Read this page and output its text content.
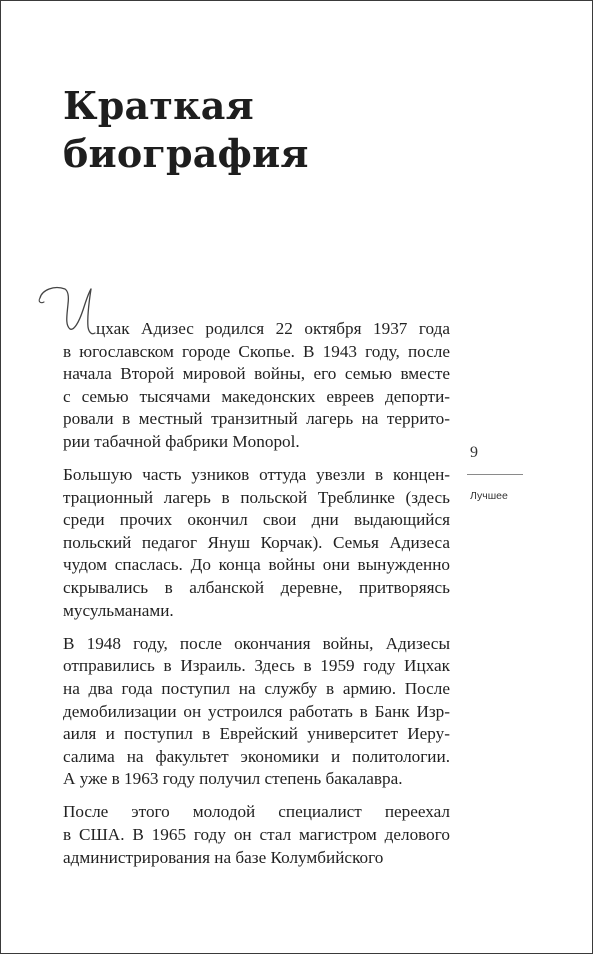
Краткая
биография

цхак Адизес родился 22 октября 1937 года
в югославском городе Скопье. В 1943 году, после
начала Второй мировой войны, его семью вместе
с семью тысячами македонских евреев депорти-
ровали в местный транзитный лагерь на террито-
рии табачной фабрики Monopol.

Большую часть узников оттуда увезли в концен-
трационный лагерь в польской Треблинке (здесь
среди прочих окончил свои дни выдающийся
польский педагог Януш Корчак). Семья Адизеса
чудом спаслась. До конца войны они вынужденно
скрывались в албанской деревне, притворяясь
мусульманами.

В 1948 году, после окончания войны, Адизесы
отправились в Израиль. Здесь в 1959 году Ицхак
на два года поступил на службу в армию. После
демобилизации он устроился работать в Банк Изр-
аиля и поступил в Еврейский университет Иеру-
салима на факультет экономики и политологии.
А уже в 1963 году получил степень бакалавра.

После этого молодой специалист переехал
в США. В 1965 году он стал магистром делового
администрирования на базе Колумбийского

9
Лучшее
